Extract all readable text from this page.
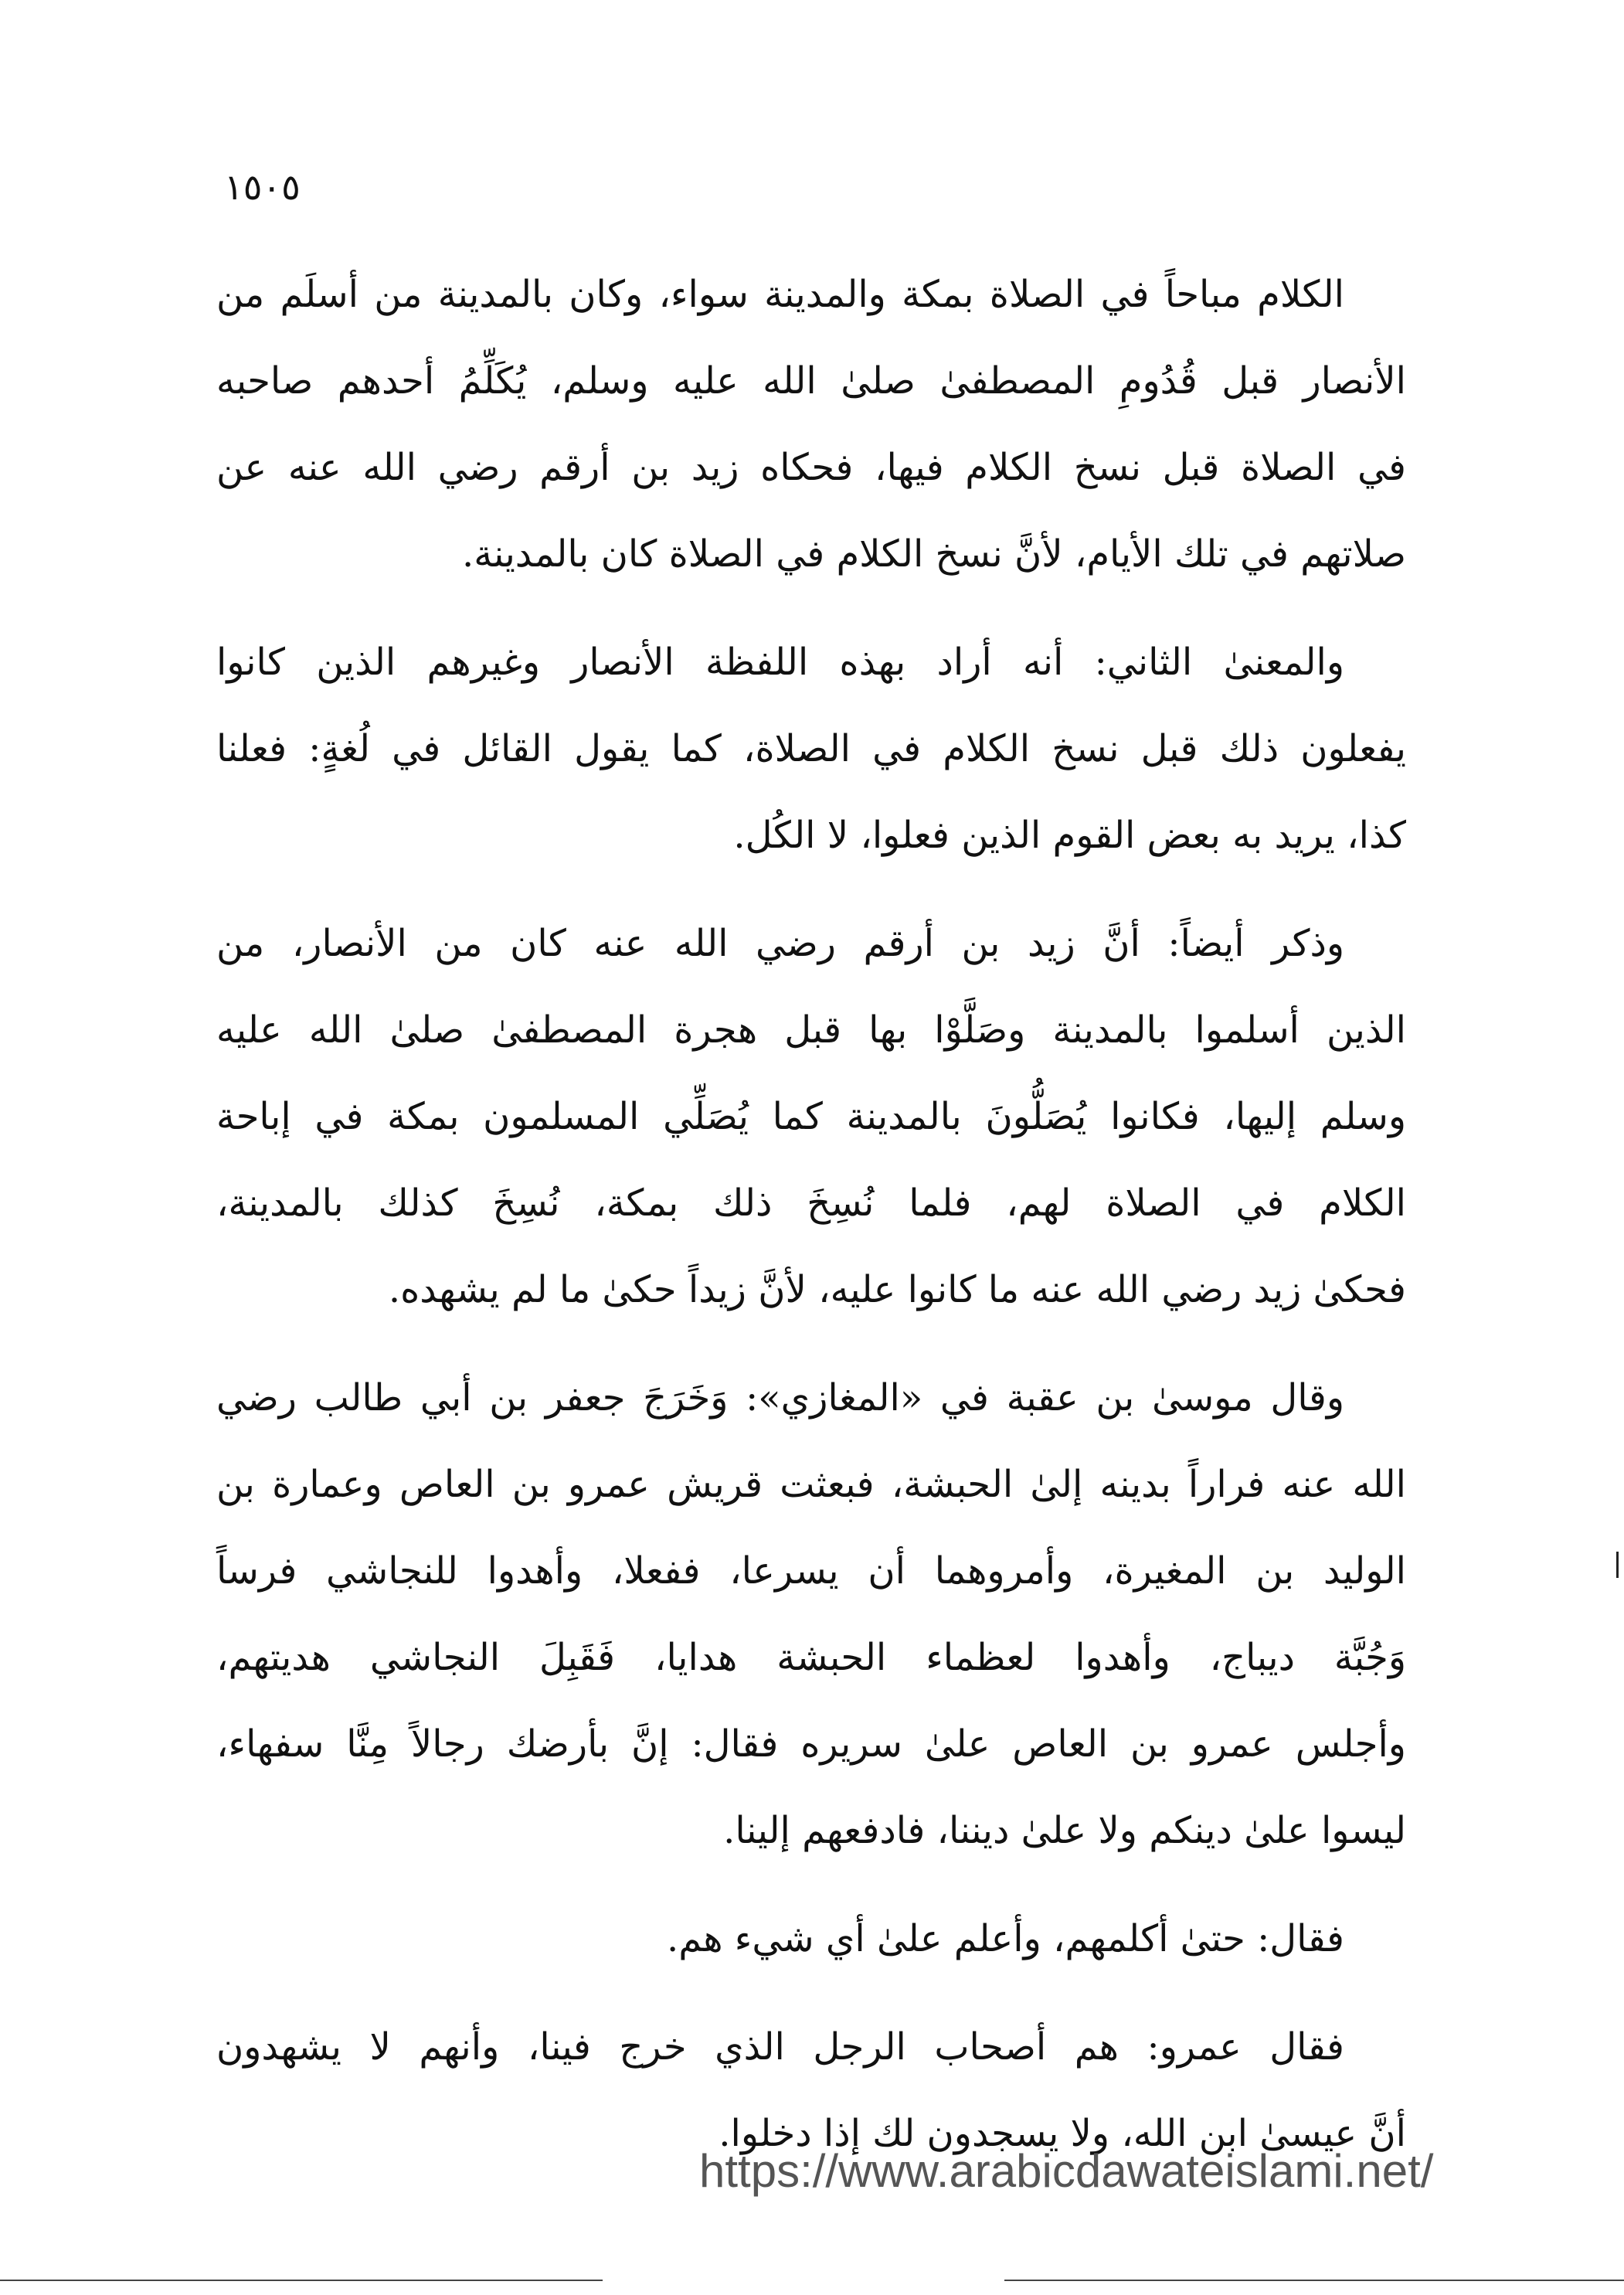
١٥٠٥
الكلام مباحاً في الصلاة بمكة والمدينة سواء، وكان بالمدينة من أسلَم من
الأنصار قبل قُدُومِ المصطفىٰ صلىٰ الله عليه وسلم، يُكَلِّمُ أحدهم صاحبه
في الصلاة قبل نسخ الكلام فيها، فحكاه زيد بن أرقم رضي الله عنه عن
صلاتهم في تلك الأيام، لأنَّ نسخ الكلام في الصلاة كان بالمدينة.
والمعنىٰ الثاني: أنه أراد بهذه اللفظة الأنصار وغيرهم الذين كانوا
يفعلون ذلك قبل نسخ الكلام في الصلاة، كما يقول القائل في لُغةٍ: فعلنا
كذا، يريد به بعض القوم الذين فعلوا، لا الكُل.
وذكر أيضاً: أنَّ زيد بن أرقم رضي الله عنه كان من الأنصار، من
الذين أسلموا بالمدينة وصَلَّوْا بها قبل هجرة المصطفىٰ صلىٰ الله عليه
وسلم إليها، فكانوا يُصَلُّونَ بالمدينة كما يُصَلِّي المسلمون بمكة في إباحة
الكلام في الصلاة لهم، فلما نُسِخَ ذلك بمكة، نُسِخَ كذلك بالمدينة،
فحكىٰ زيد رضي الله عنه ما كانوا عليه، لأنَّ زيداً حكىٰ ما لم يشهده.
وقال موسىٰ بن عقبة في «المغازي»: وَخَرَجَ جعفر بن أبي طالب رضي
الله عنه فراراً بدينه إلىٰ الحبشة، فبعثت قريش عمرو بن العاص وعمارة بن
الوليد بن المغيرة، وأمروهما أن يسرعا، ففعلا، وأهدوا للنجاشي فرساً
وَجُبَّة ديباج، وأهدوا لعظماء الحبشة هدايا، فَقَبِلَ النجاشي هديتهم،
وأجلس عمرو بن العاص علىٰ سريره فقال: إنَّ بأرضك رجالاً مِنَّا سفهاء،
ليسوا علىٰ دينكم ولا علىٰ ديننا، فادفعهم إلينا.
فقال: حتىٰ أكلمهم، وأعلم علىٰ أي شيء هم.
فقال عمرو: هم أصحاب الرجل الذي خرج فينا، وأنهم لا يشهدون
أنَّ عيسىٰ ابن الله، ولا يسجدون لك إذا دخلوا.
https://www.arabicdawateislami.net/
